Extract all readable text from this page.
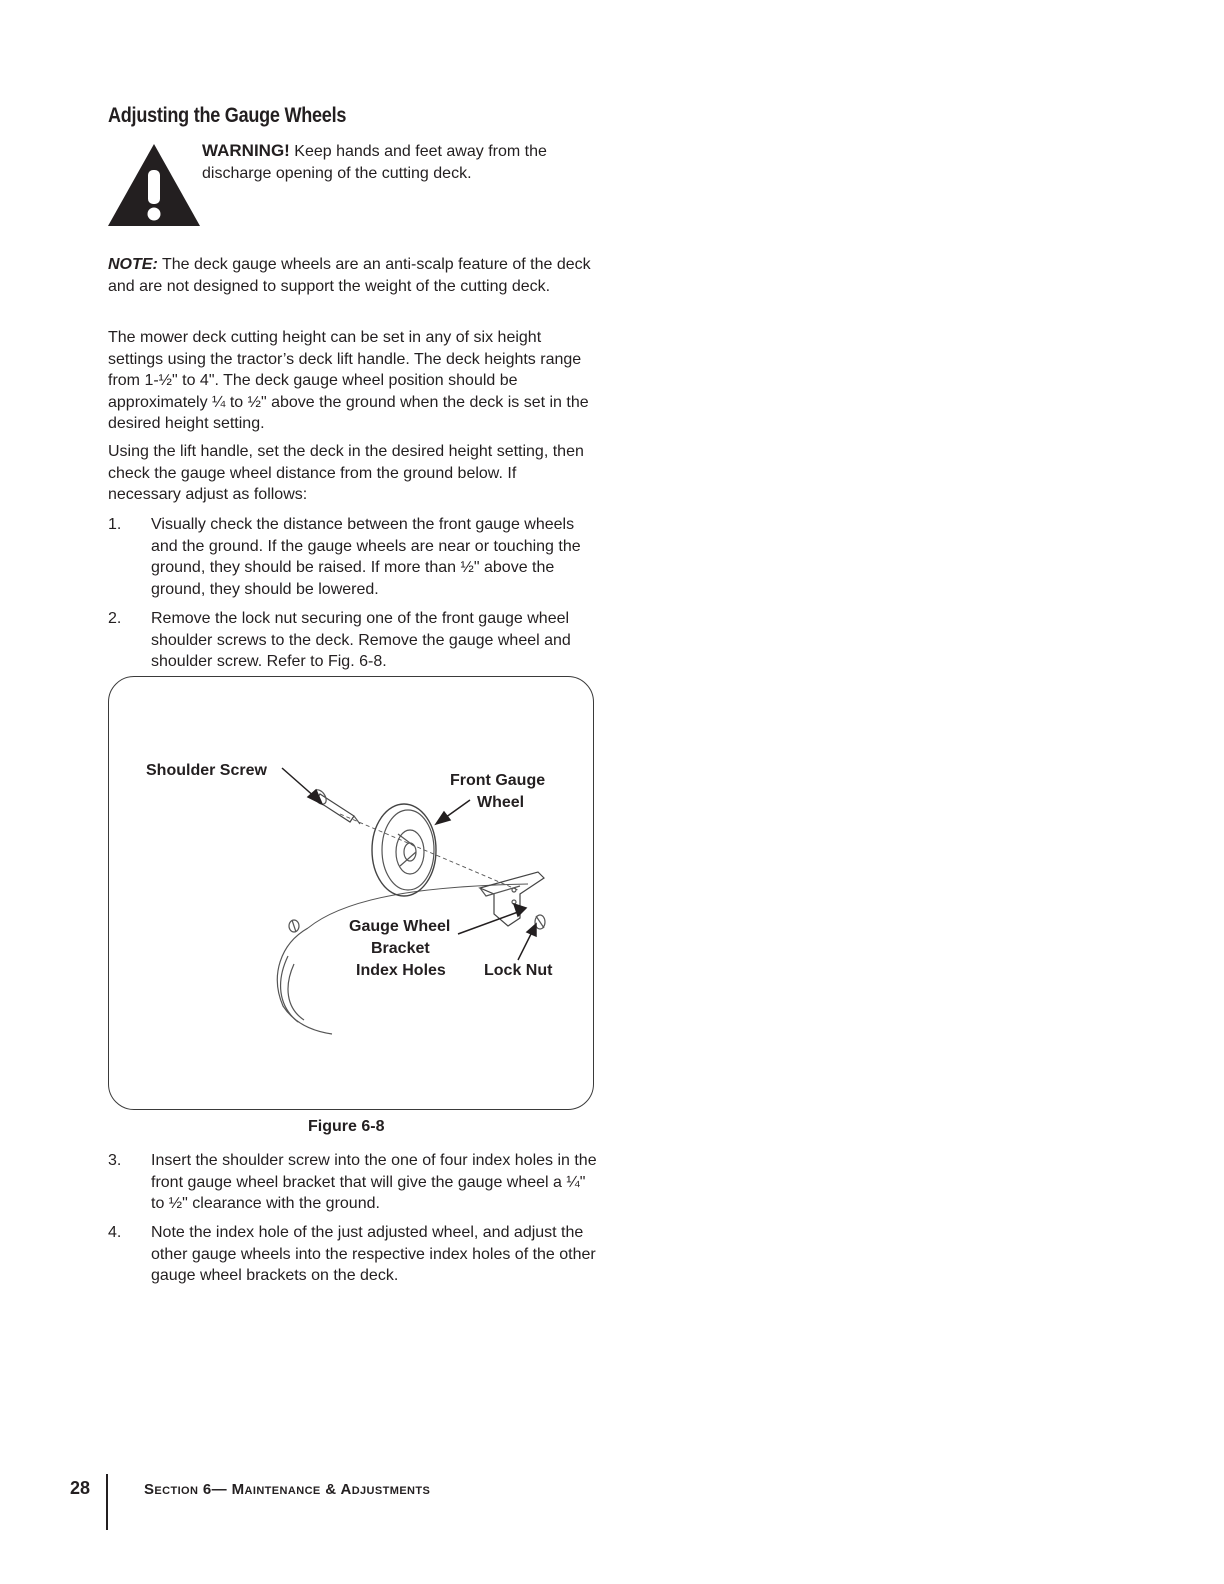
Adjusting the Gauge Wheels
WARNING! Keep hands and feet away from the discharge opening of the cutting deck.

NOTE: The deck gauge wheels are an anti-scalp feature of the deck and are not designed to support the weight of the cutting deck.

The mower deck cutting height can be set in any of six height settings using the tractor’s deck lift handle. The deck heights range from 1-½" to 4". The deck gauge wheel position should be approximately ¼ to ½" above the ground when the deck is set in the desired height setting.

Using the lift handle, set the deck in the desired height setting, then check the gauge wheel distance from the ground below. If necessary adjust as follows:

1. Visually check the distance between the front gauge wheels and the ground. If the gauge wheels are near or touching the ground, they should be raised. If more than ½" above the ground, they should be lowered.
2. Remove the lock nut securing one of the front gauge wheel shoulder screws to the deck. Remove the gauge wheel and shoulder screw. Refer to Fig. 6-8.
Shoulder Screw
Front Gauge
Wheel
Gauge Wheel
Bracket
Index Holes Lock Nut
Figure 6-8
3. Insert the shoulder screw into the one of four index holes in the front gauge wheel bracket that will give the gauge wheel a ¼" to ½" clearance with the ground.
4. Note the index hole of the just adjusted wheel, and adjust the other gauge wheels into the respective index holes of the other gauge wheel brackets on the deck.
28	Section 6— Maintenance & Adjustments
